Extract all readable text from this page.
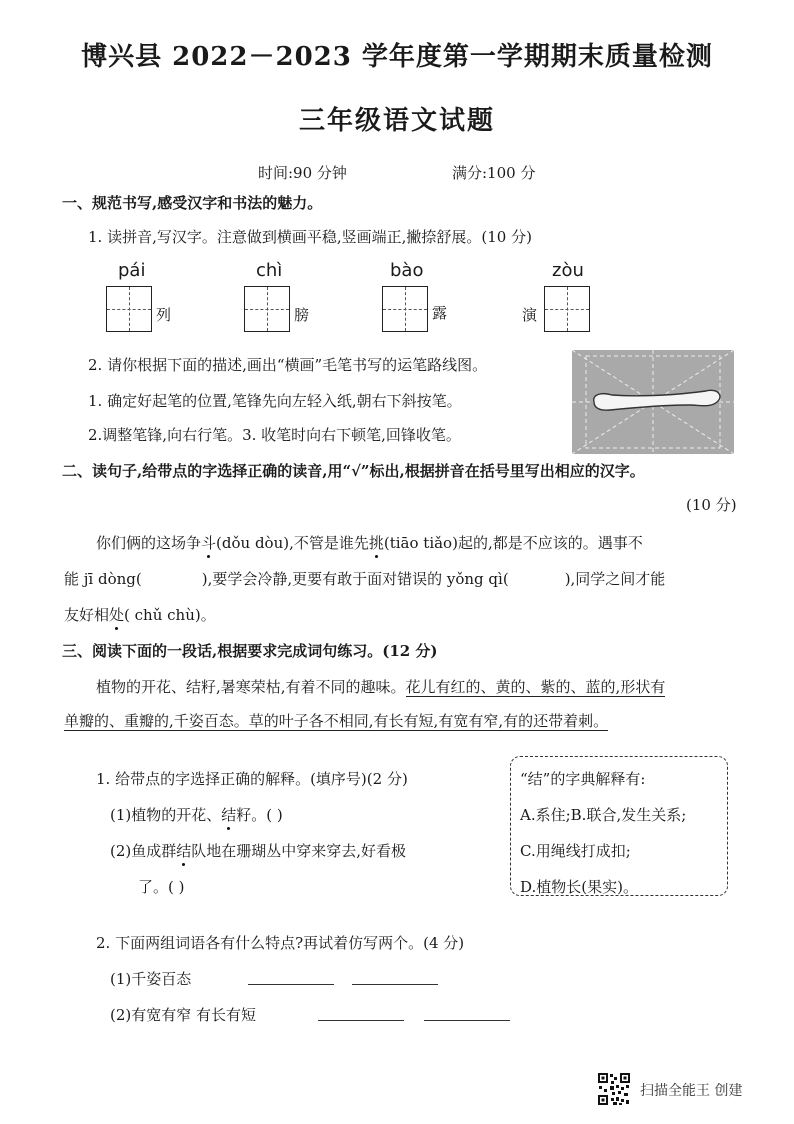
博兴县 2022－2023 学年度第一学期期末质量检测
三年级语文试题
时间:90 分钟	满分:100 分
一、规范书写,感受汉字和书法的魅力。
1. 读拼音,写汉字。注意做到横画平稳,竖画端正,撇捺舒展。(10 分)
pái	chì	bào	zòu
列	膀	露	演
2. 请你根据下面的描述,画出“横画”毛笔书写的运笔路线图。
1. 确定好起笔的位置,笔锋先向左轻入纸,朝右下斜按笔。
2.调整笔锋,向右行笔。3. 收笔时向右下顿笔,回锋收笔。
二、读句子,给带点的字选择正确的读音,用“√”标出,根据拼音在括号里写出相应的汉字。
(10 分)
你们俩的这场争斗(dǒu dòu),不管是谁先挑(tiāo tiǎo)起的,都是不应该的。遇事不
能 jī dòng(	),要学会冷静,更要有敢于面对错误的 yǒng qì(	),同学之间才能
友好相处( chǔ chù)。
三、阅读下面的一段话,根据要求完成词句练习。(12 分)
植物的开花、结籽,暑寒荣枯,有着不同的趣味。花儿有红的、黄的、紫的、蓝的,形状有
单瓣的、重瓣的,千姿百态。草的叶子各不相同,有长有短,有宽有窄,有的还带着刺。
1. 给带点的字选择正确的解释。(填序号)(2 分)
(1)植物的开花、结籽。( )
(2)鱼成群结队地在珊瑚丛中穿来穿去,好看极
了。( )
“结”的字典解释有:
A.系住;B.联合,发生关系;
C.用绳线打成扣;
D.植物长(果实)。
2. 下面两组词语各有什么特点?再试着仿写两个。(4 分)
(1)千姿百态
(2)有宽有窄 有长有短
扫描全能王 创建
